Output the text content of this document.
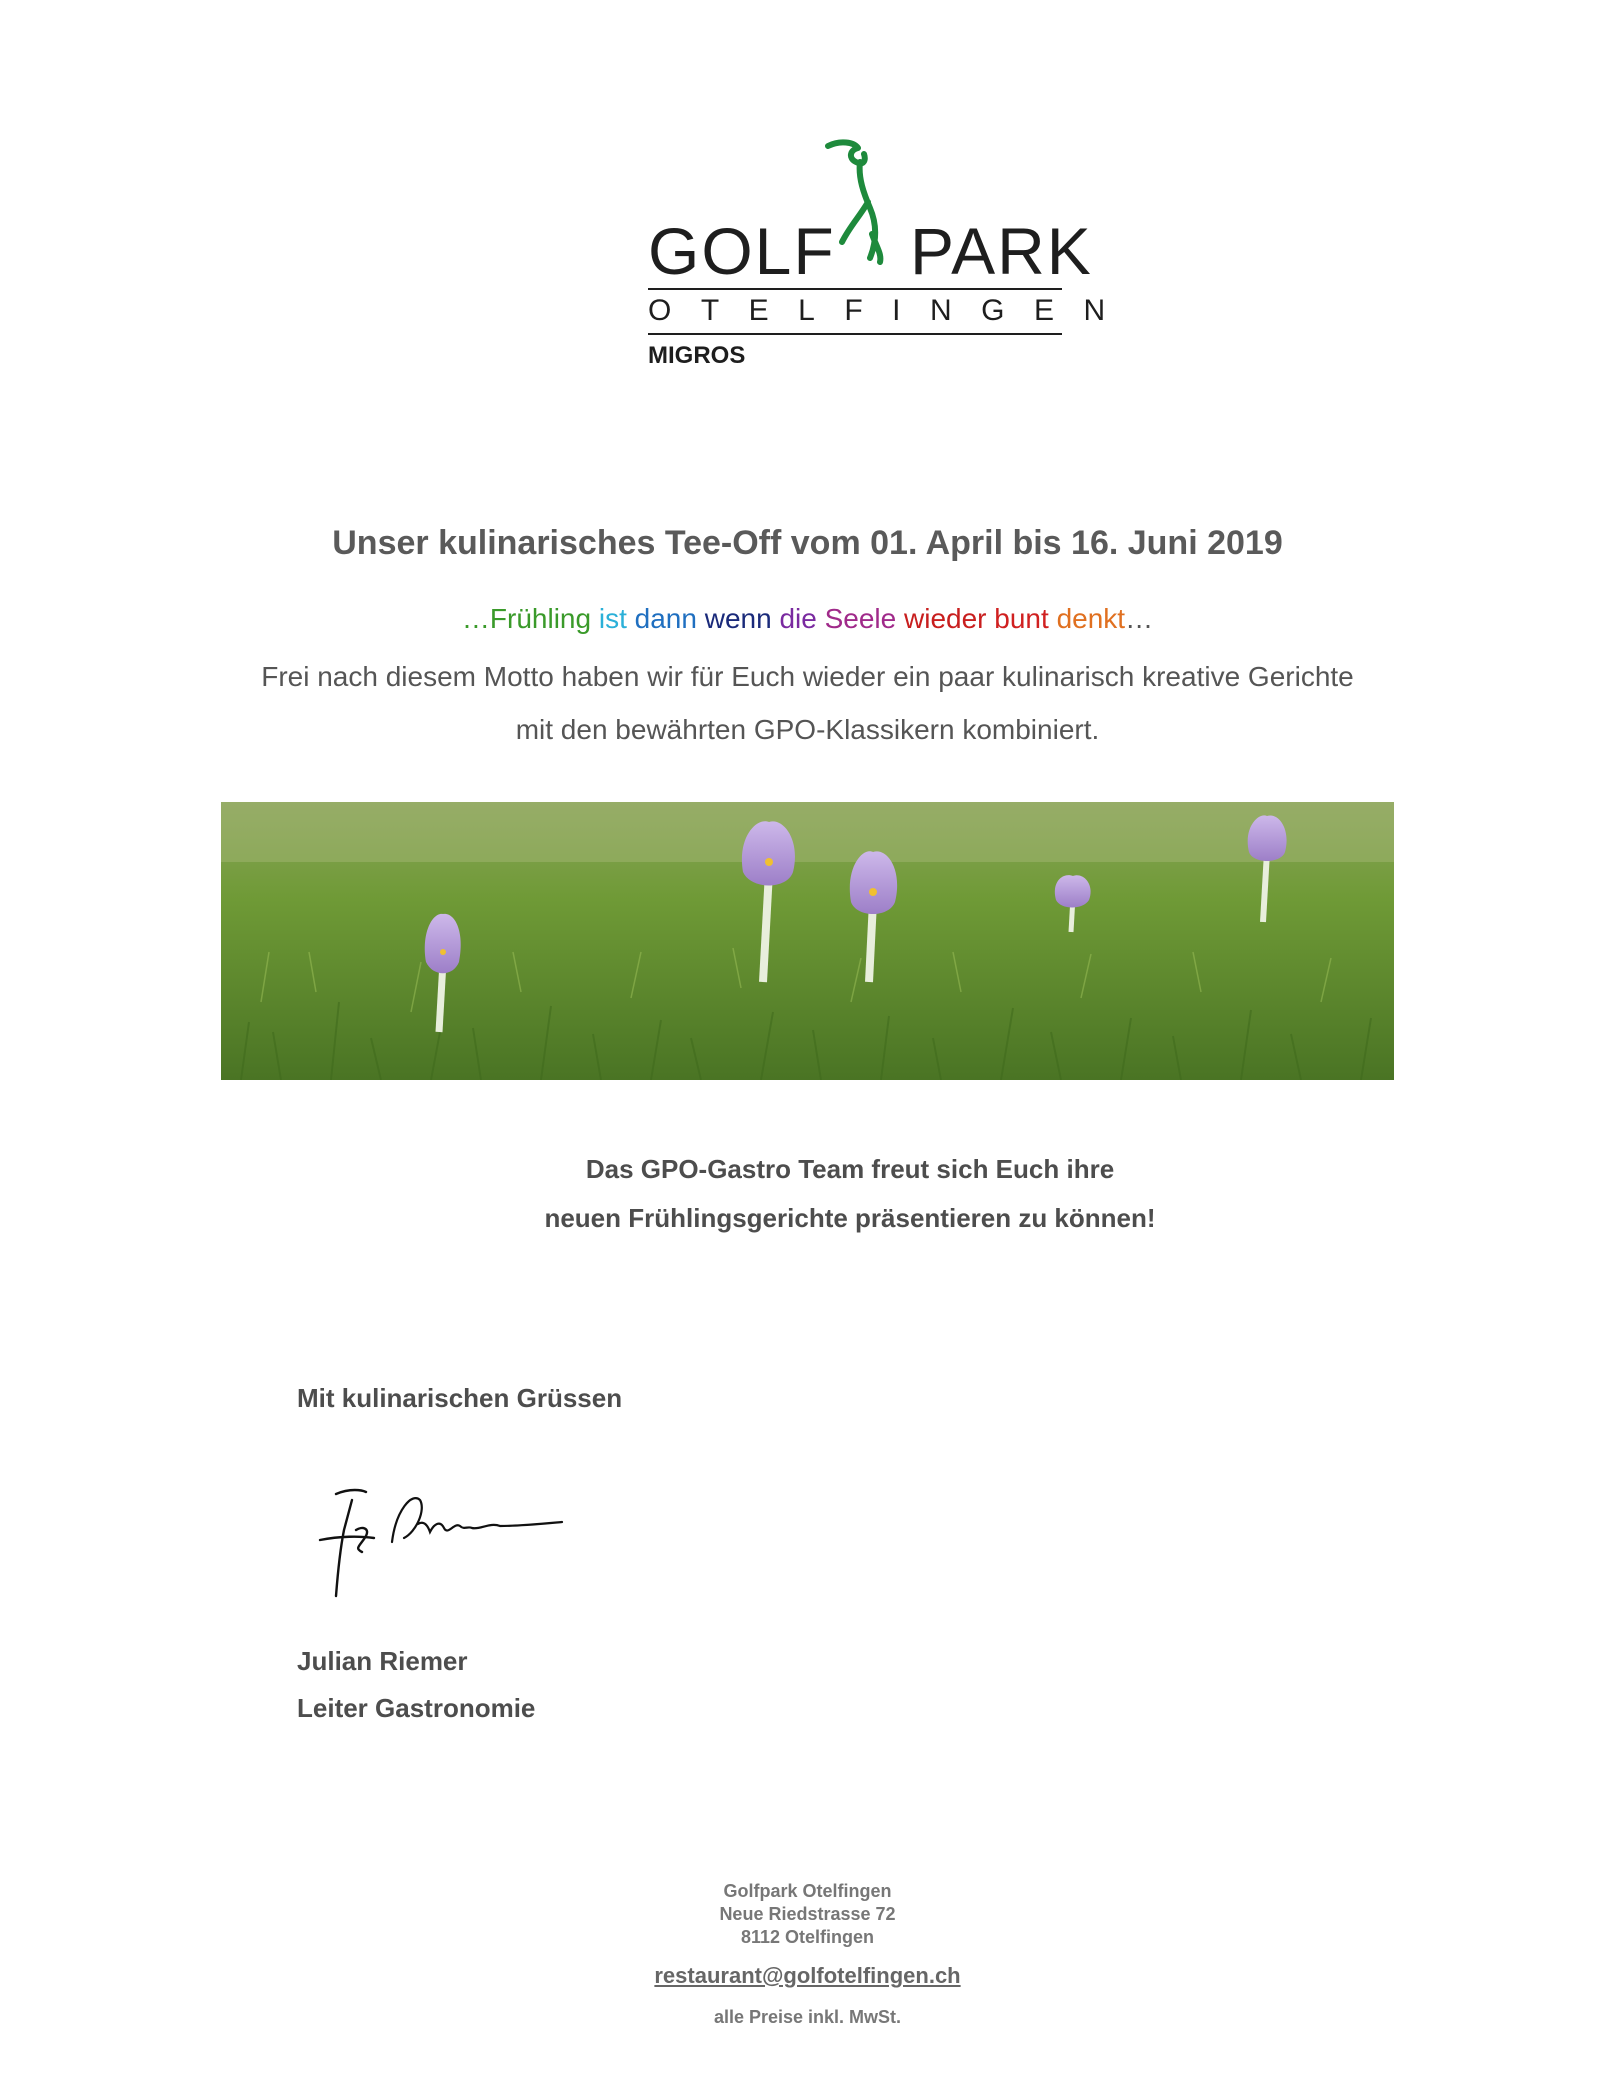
GOLF PARK
OTELFINGEN
MIGROS
Unser kulinarisches Tee-Off vom 01. April bis 16. Juni 2019
…Frühling ist dann wenn die Seele wieder bunt denkt…
Frei nach diesem Motto haben wir für Euch wieder ein paar kulinarisch kreative Gerichte
mit den bewährten GPO-Klassikern kombiniert.
Das GPO-Gastro Team freut sich Euch ihre
neuen Frühlingsgerichte präsentieren zu können!
Mit kulinarischen Grüssen
Julian Riemer
Leiter Gastronomie
Golfpark Otelfingen
Neue Riedstrasse 72
8112 Otelfingen
restaurant@golfotelfingen.ch
alle Preise inkl. MwSt.
